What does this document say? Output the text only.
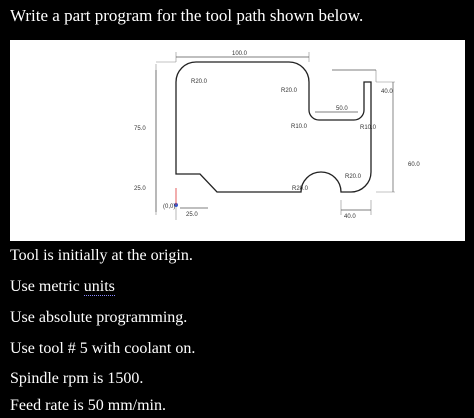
Write a part program for the tool path shown below.
100.0
75.0
25.0
25.0
(0,0)
60.0
R20.0
R20.0
R10.0
50.0
40.0
R10.0
R20.0
R20.0
40.0
Tool is initially at the origin.
Use metric units
Use absolute programming.
Use tool # 5 with coolant on.
Spindle rpm is 1500.
Feed rate is 50 mm/min.
